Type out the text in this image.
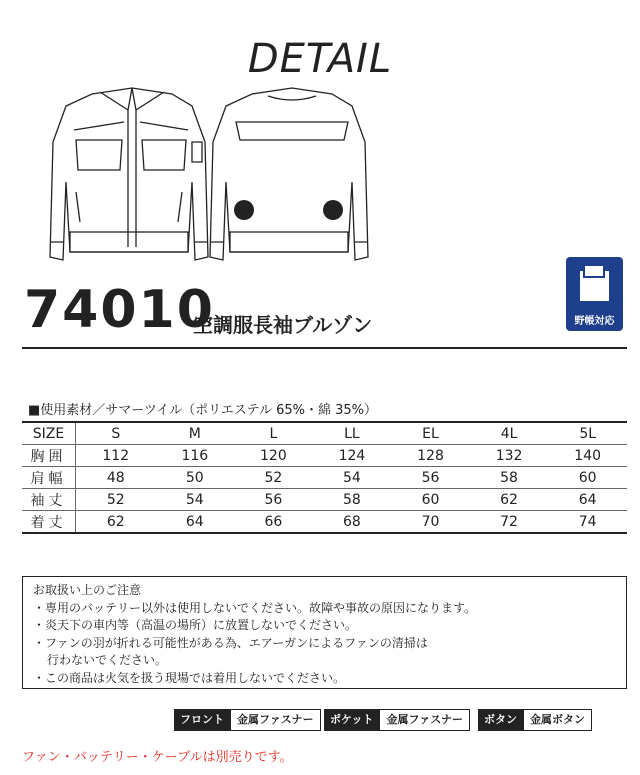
DETAIL
野帳対応
74010
空調服長袖ブルゾン
■使用素材／サマーツイル（ポリエステル 65%・綿 35%）
SIZE	S	M	L	LL	EL	4L	5L
胸囲	112	116	120	124	128	132	140
肩幅	48	50	52	54	56	58	60
袖丈	52	54	56	58	60	62	64
着丈	62	64	66	68	70	72	74
お取扱い上のご注意
・専用のバッテリー以外は使用しないでください。故障や事故の原因になります。
・炎天下の車内等（高温の場所）に放置しないでください。
・ファンの羽が折れる可能性がある為、エアーガンによるファンの清掃は
行わないでください。
・この商品は火気を扱う現場では着用しないでください。
フロント	金属ファスナー	ポケット	金属ファスナー	ボタン	金属ボタン
ファン・バッテリー・ケーブルは別売りです。
